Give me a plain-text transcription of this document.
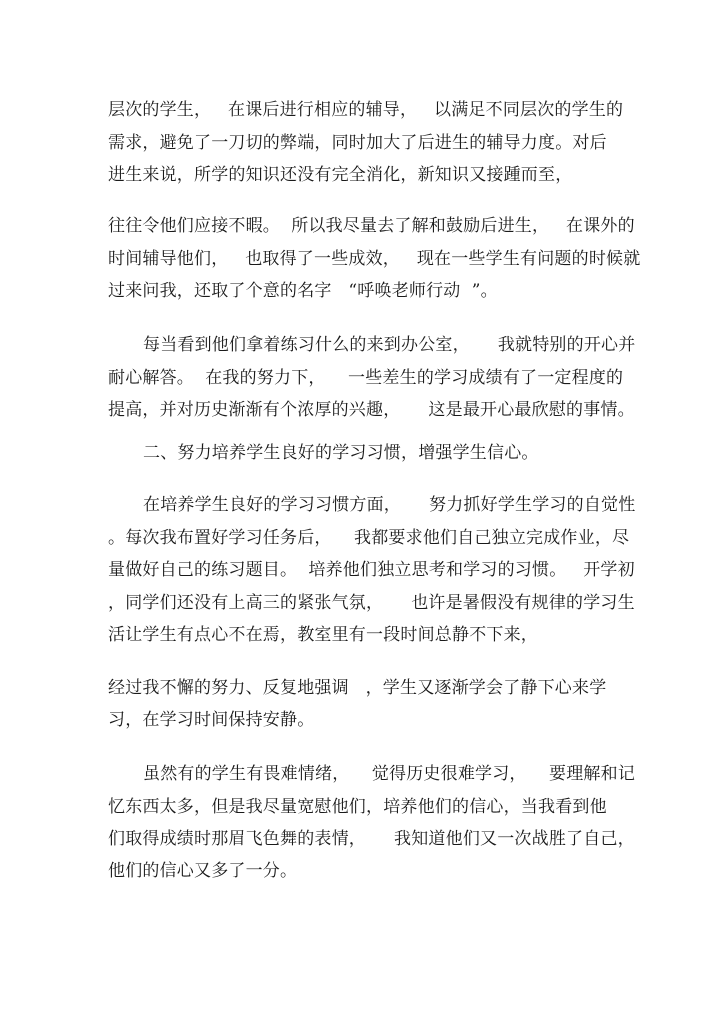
层次的学生，   在课后进行相应的辅导，   以满足不同层次的学生的
需求，避免了一刀切的弊端，同时加大了后进生的辅导力度。对后
进生来说，所学的知识还没有完全消化，新知识又接踵而至，
往往令他们应接不暇。  所以我尽量去了解和鼓励后进生，   在课外的
时间辅导他们，   也取得了一些成效，   现在一些学生有问题的时候就
过来问我，还取了个意的名字   “呼唤老师行动  ”。
每当看到他们拿着练习什么的来到办公室，     我就特别的开心并
耐心解答。  在我的努力下，    一些差生的学习成绩有了一定程度的
提高，并对历史渐渐有个浓厚的兴趣，     这是最开心最欣慰的事情。
二、努力培养学生良好的学习习惯，增强学生信心。
在培养学生良好的学习习惯方面，     努力抓好学生学习的自觉性
。每次我布置好学习任务后，    我都要求他们自己独立完成作业，尽
量做好自己的练习题目。  培养他们独立思考和学习的习惯。   开学初
，同学们还没有上高三的紧张气氛，     也许是暑假没有规律的学习生
活让学生有点心不在焉，教室里有一段时间总静不下来，
经过我不懈的努力、反复地强调   ，学生又逐渐学会了静下心来学
习，在学习时间保持安静。
虽然有的学生有畏难情绪，    觉得历史很难学习，    要理解和记
忆东西太多，但是我尽量宽慰他们，培养他们的信心，当我看到他
们取得成绩时那眉飞色舞的表情，     我知道他们又一次战胜了自己，
他们的信心又多了一分。
